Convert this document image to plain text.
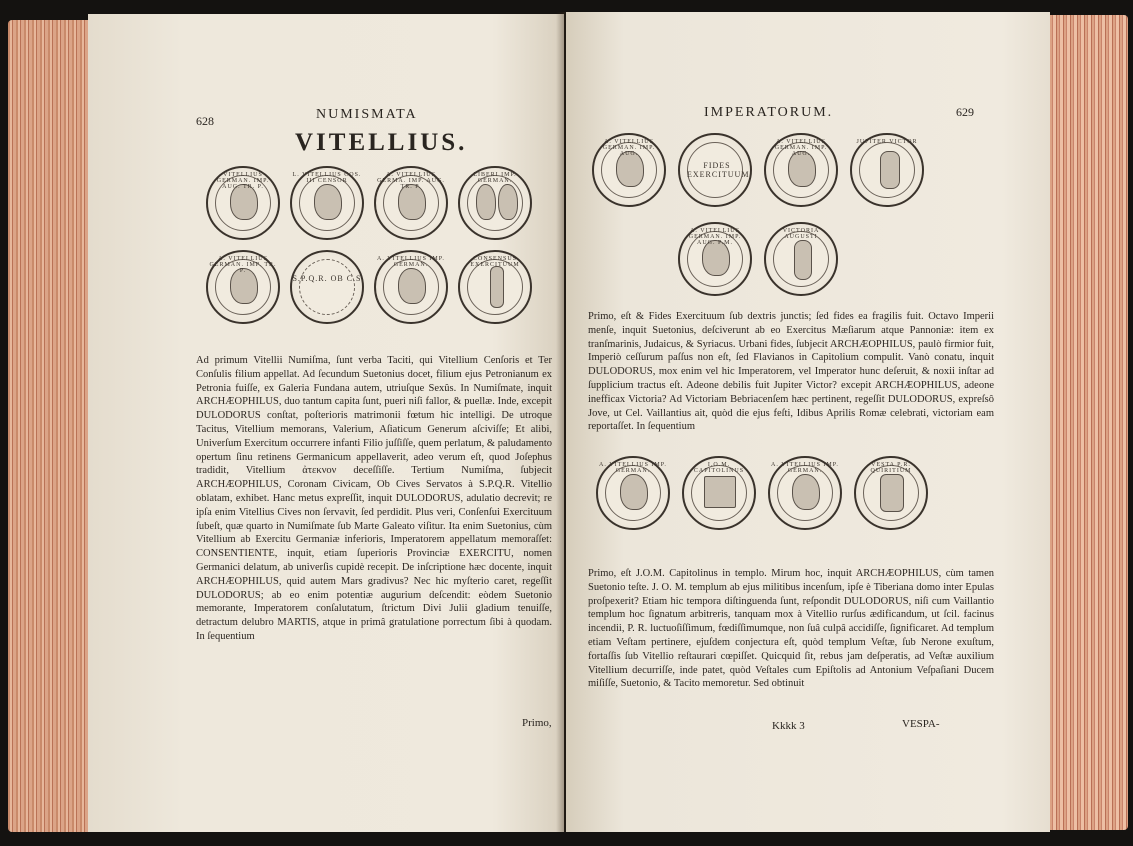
628	NUMISMATA
VITELLIUS.
VITELLIUS GERMAN. IMP. AUG. TR. P.
L. VITELLIUS COS. III CENSOR
A. VITELLIUS GERMA. IMP. AUG. TR. P.
LIBERI IMP. GERMAN.
A. VITELLIUS GERMAN. IMP. TR. P.
S.P.Q.R. OB C.S
A. VITELLIUS IMP. GERMAN.
CONSENSUS EXERCITUUM

Ad primum Vitellii Numiſma, ſunt verba Taciti, qui Vitellium Cenſoris et Ter Conſulis filium appellat. Ad ſecundum Suetonius docet, filium ejus Petronianum ex Petronia fuiſſe, ex Galeria Fundana autem, utriuſque Sexûs. In Numiſmate, inquit ARCHÆOPHILUS, duo tantum capita ſunt, pueri niſi fallor, & puellæ. Inde, excepit DULODORUS conſtat, poſterioris matrimonii fœtum hic intelligi. De utroque Tacitus, Vitellium memorans, Valerium, Aſiaticum Generum aſciviſſe; Et alibi, Univerſum Exercitum occurrere infanti Filio juſſiſſe, quem perlatum, & paludamento opertum ſinu retinens Germanicum appellaverit, adeo verum eſt, quod Joſephus tradidit, Vitellium ἀτεκνον deceſſiſſe. Tertium Numiſma, ſubjecit ARCHÆOPHILUS, Coronam Civicam, Ob Cives Servatos à S.P.Q.R. Vitellio oblatam, exhibet. Hanc metus expreſſit, inquit DULODORUS, adulatio decrevit; re ipſa enim Vitellius Cives non ſervavit, ſed perdidit. Plus veri, Conſenſui Exercituum ſubeſt, quæ quarto in Numiſmate ſub Marte Galeato viſitur. Ita enim Suetonius, cùm Vitellium ab Exercitu Germaniæ inferioris, Imperatorem appellatum memoraſſet: CONSENTIENTE, inquit, etiam ſuperioris Provinciæ EXERCITU, nomen Germanici delatum, ab univerſis cupidè recepit. De inſcriptione hæc docente, inquit ARCHÆOPHILUS, quid autem Mars gradivus? Nec hic myſterio caret, regeſſit DULODORUS; ab eo enim potentiæ augurium deſcendit: eòdem Suetonio memorante, Imperatorem conſalutatum, ſtrictum Divi Julii gladium tenuiſſe, detractum delubro MARTIS, atque in primâ gratulatione porrectum ſibi à quodam. In ſequentium

Primo,
IMPERATORUM.	629
A. VITELLIUS GERMAN. IMP. AUG.
FIDES EXERCITUUM
A. VITELLIUS GERMAN. IMP. AUG.
JUPITER VICTOR
A. VITELLIUS GERMAN. IMP. AUG. P.M.
VICTORIA AUGUSTI

Primo, eſt & Fides Exercituum ſub dextris junctis; ſed fides ea fragilis fuit. Octavo Imperii menſe, inquit Suetonius, deſciverunt ab eo Exercitus Mæſiarum atque Pannoniæ: item ex tranſmarinis, Judaicus, & Syriacus. Urbani fides, ſubjecit ARCHÆOPHILUS, paulò firmior fuit, Imperiò ceſſurum paſſus non eſt, ſed Flavianos in Capitolium compulit. Vanò conatu, inquit DULODORUS, mox enim vel hic Imperatorem, vel Imperator hunc deſeruit, & noxii inſtar ad ſupplicium tractus eſt. Adeone debilis fuit Jupiter Victor? excepit ARCHÆOPHILUS, adeone inefficax Victoria? Ad Victoriam Bebriacenſem hæc pertinent, regeſſit DULODORUS, expreſsô Jove, ut Cel. Vaillantius ait, quòd die ejus feſti, Idibus Aprilis Romæ celebrati, victoriam eam reportaſſet. In ſequentium

A. VITELLIUS IMP. GERMAN.
I.O.M. CAPITOLINUS
A. VITELLIUS IMP. GERMAN.
VESTA P.R. QUIRITIUM

Primo, eſt J.O.M. Capitolinus in templo. Mirum hoc, inquit ARCHÆOPHILUS, cùm tamen Suetonio teſte. J. O. M. templum ab ejus militibus incenſum, ipſe è Tiberiana domo inter Epulas proſpexerit? Etiam hic tempora diſtinguenda ſunt, reſpondit DULODORUS, niſi cum Vaillantio templum hoc ſignatum arbitreris, tanquam mox à Vitellio rurſus ædificandum, ut ſcil. facinus incendii, P. R. luctuoſiſſimum, fœdiſſimumque, non ſuâ culpâ accidiſſe, ſignificaret. Ad templum etiam Veſtam pertinere, ejuſdem conjectura eſt, quòd templum Veſtæ, ſub Nerone exuſtum, fortaſſis ſub Vitellio reſtaurari cœpiſſet. Quicquid ſit, rebus jam deſperatis, ad Veſtæ auxilium Vitellium decurriſſe, inde patet, quòd Veſtales cum Epiſtolis ad Antonium Veſpaſiani Ducem miſiſſe, Suetonio, & Tacito memoretur. Sed obtinuit

Kkkk 3	VESPA-
